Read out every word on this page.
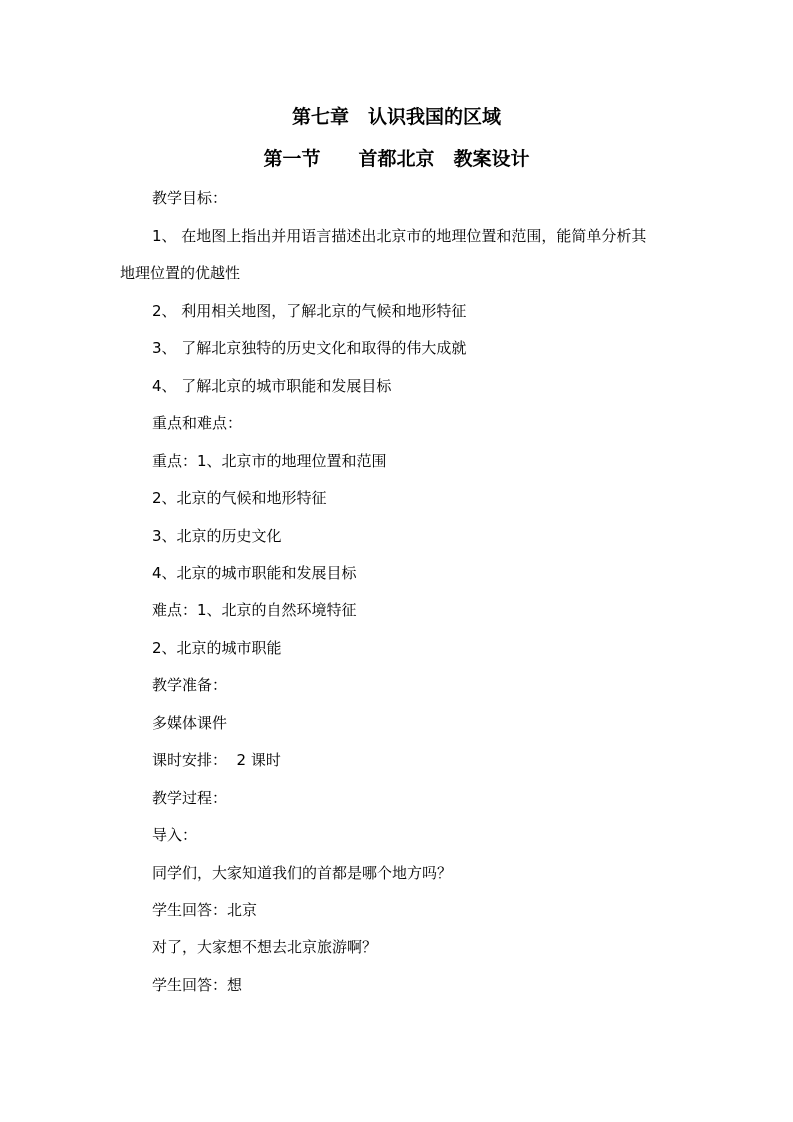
第七章　认识我国的区域
第一节　　首都北京　教案设计
教学目标：
1、 在地图上指出并用语言描述出北京市的地理位置和范围，能简单分析其
地理位置的优越性
2、 利用相关地图，了解北京的气候和地形特征
3、 了解北京独特的历史文化和取得的伟大成就
4、 了解北京的城市职能和发展目标
重点和难点：
重点：1、北京市的地理位置和范围
2、北京的气候和地形特征
3、北京的历史文化
4、北京的城市职能和发展目标
难点：1、北京的自然环境特征
2、北京的城市职能
教学准备：
多媒体课件
课时安排：  2 课时
教学过程：
导入：
同学们，大家知道我们的首都是哪个地方吗？
学生回答：北京
对了，大家想不想去北京旅游啊？
学生回答：想
